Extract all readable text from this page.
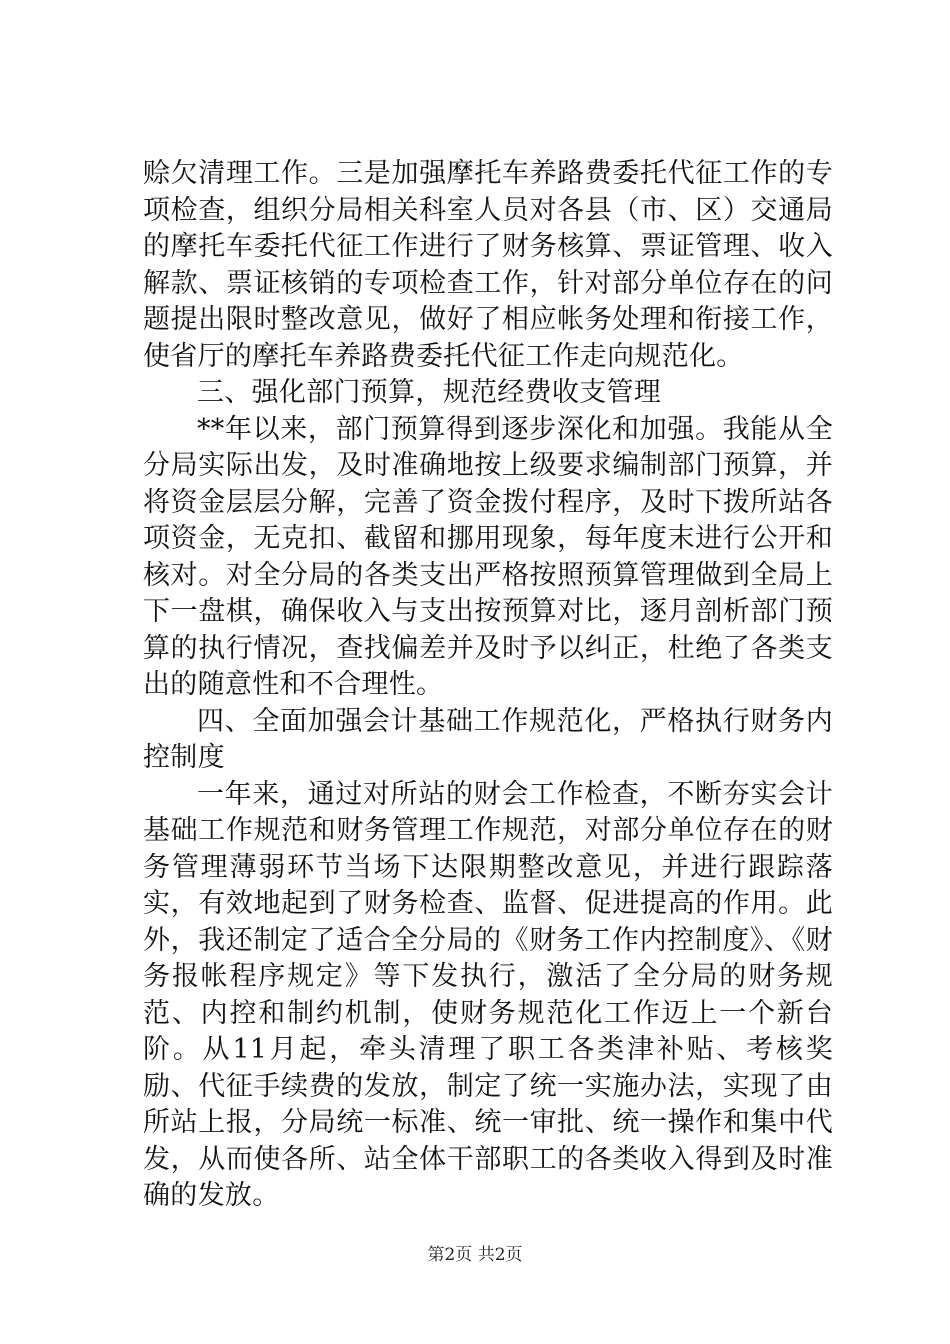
赊欠清理工作。三是加强摩托车养路费委托代征工作的专项检查，组织分局相关科室人员对各县（市、区）交通局的摩托车委托代征工作进行了财务核算、票证管理、收入解款、票证核销的专项检查工作，针对部分单位存在的问题提出限时整改意见，做好了相应帐务处理和衔接工作，使省厅的摩托车养路费委托代征工作走向规范化。

三、强化部门预算，规范经费收支管理

**年以来，部门预算得到逐步深化和加强。我能从全分局实际出发，及时准确地按上级要求编制部门预算，并将资金层层分解，完善了资金拨付程序，及时下拨所站各项资金，无克扣、截留和挪用现象，每年度末进行公开和核对。对全分局的各类支出严格按照预算管理做到全局上下一盘棋，确保收入与支出按预算对比，逐月剖析部门预算的执行情况，查找偏差并及时予以纠正，杜绝了各类支出的随意性和不合理性。

四、全面加强会计基础工作规范化，严格执行财务内控制度

一年来，通过对所站的财会工作检查，不断夯实会计基础工作规范和财务管理工作规范，对部分单位存在的财务管理薄弱环节当场下达限期整改意见，并进行跟踪落实，有效地起到了财务检查、监督、促进提高的作用。此外，我还制定了适合全分局的《财务工作内控制度》、《财务报帐程序规定》等下发执行，激活了全分局的财务规范、内控和制约机制，使财务规范化工作迈上一个新台阶。从11月起，牵头清理了职工各类津补贴、考核奖励、代征手续费的发放，制定了统一实施办法，实现了由所站上报，分局统一标准、统一审批、统一操作和集中代发，从而使各所、站全体干部职工的各类收入得到及时准确的发放。

第2页 共2页
